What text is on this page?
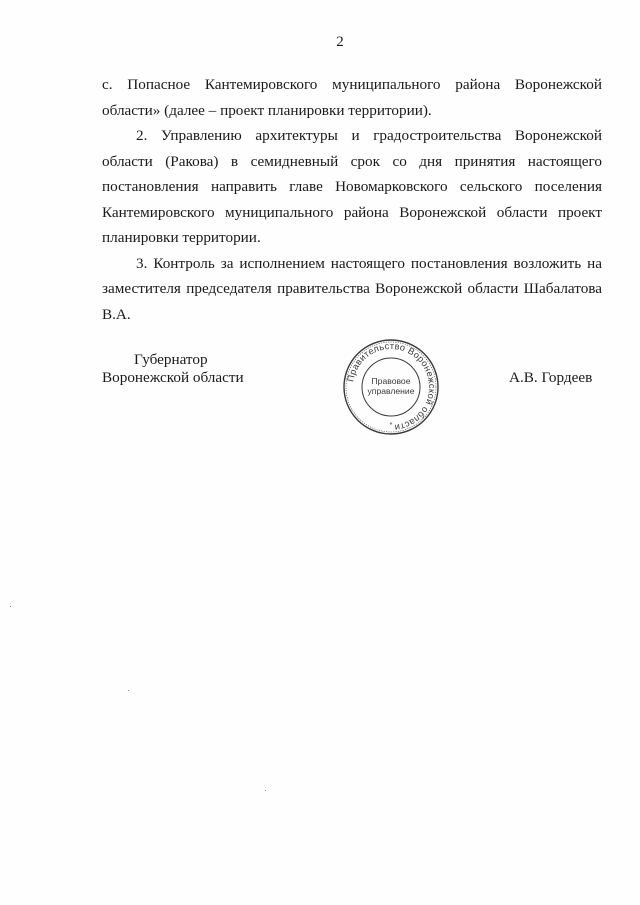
2

с. Попасное Кантемировского муниципального района Воронежской области» (далее – проект планировки территории).

2. Управлению архитектуры и градостроительства Воронежской области (Ракова) в семидневный срок со дня принятия настоящего постановления направить главе Новомарковского сельского поселения Кантемировского муниципального района Воронежской области проект планировки территории.

3. Контроль за исполнением настоящего постановления возложить на заместителя председателя правительства Воронежской области Шабалатова В.А.

Губернатор
Воронежской области	А.В. Гордеев
Правительство Воронежской области
Правовое
управление
*
